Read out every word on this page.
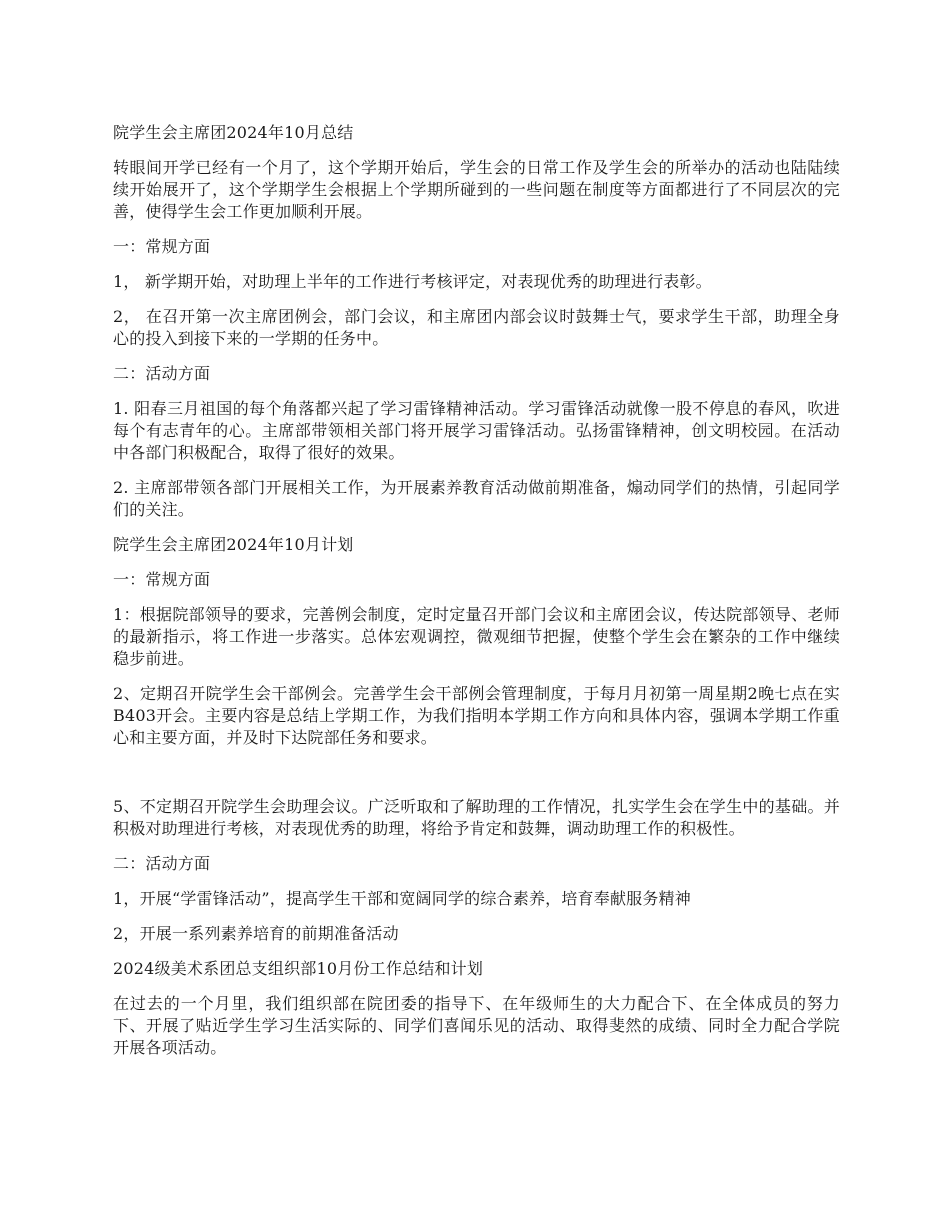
院学生会主席团2024年10月总结

转眼间开学已经有一个月了，这个学期开始后，学生会的日常工作及学生会的所举办的活动也陆陆续续开始展开了，这个学期学生会根据上个学期所碰到的一些问题在制度等方面都进行了不同层次的完善，使得学生会工作更加顺利开展。

一：常规方面

1， 新学期开始，对助理上半年的工作进行考核评定，对表现优秀的助理进行表彰。

2， 在召开第一次主席团例会，部门会议，和主席团内部会议时鼓舞士气，要求学生干部，助理全身心的投入到接下来的一学期的任务中。

二：活动方面

1. 阳春三月祖国的每个角落都兴起了学习雷锋精神活动。学习雷锋活动就像一股不停息的春风，吹进每个有志青年的心。主席部带领相关部门将开展学习雷锋活动。弘扬雷锋精神，创文明校园。在活动中各部门积极配合，取得了很好的效果。

2. 主席部带领各部门开展相关工作，为开展素养教育活动做前期准备，煽动同学们的热情，引起同学们的关注。

院学生会主席团2024年10月计划

一：常规方面

1：根据院部领导的要求，完善例会制度，定时定量召开部门会议和主席团会议，传达院部领导、老师的最新指示，将工作进一步落实。总体宏观调控，微观细节把握，使整个学生会在繁杂的工作中继续稳步前进。

2、定期召开院学生会干部例会。完善学生会干部例会管理制度，于每月月初第一周星期2晚七点在实B403开会。主要内容是总结上学期工作，为我们指明本学期工作方向和具体内容，强调本学期工作重心和主要方面，并及时下达院部任务和要求。

5、不定期召开院学生会助理会议。广泛听取和了解助理的工作情况，扎实学生会在学生中的基础。并积极对助理进行考核，对表现优秀的助理，将给予肯定和鼓舞，调动助理工作的积极性。

二：活动方面

1，开展“学雷锋活动”，提高学生干部和宽阔同学的综合素养，培育奉献服务精神

2，开展一系列素养培育的前期准备活动

2024级美术系团总支组织部10月份工作总结和计划

在过去的一个月里，我们组织部在院团委的指导下、在年级师生的大力配合下、在全体成员的努力下、开展了贴近学生学习生活实际的、同学们喜闻乐见的活动、取得斐然的成绩、同时全力配合学院开展各项活动。
